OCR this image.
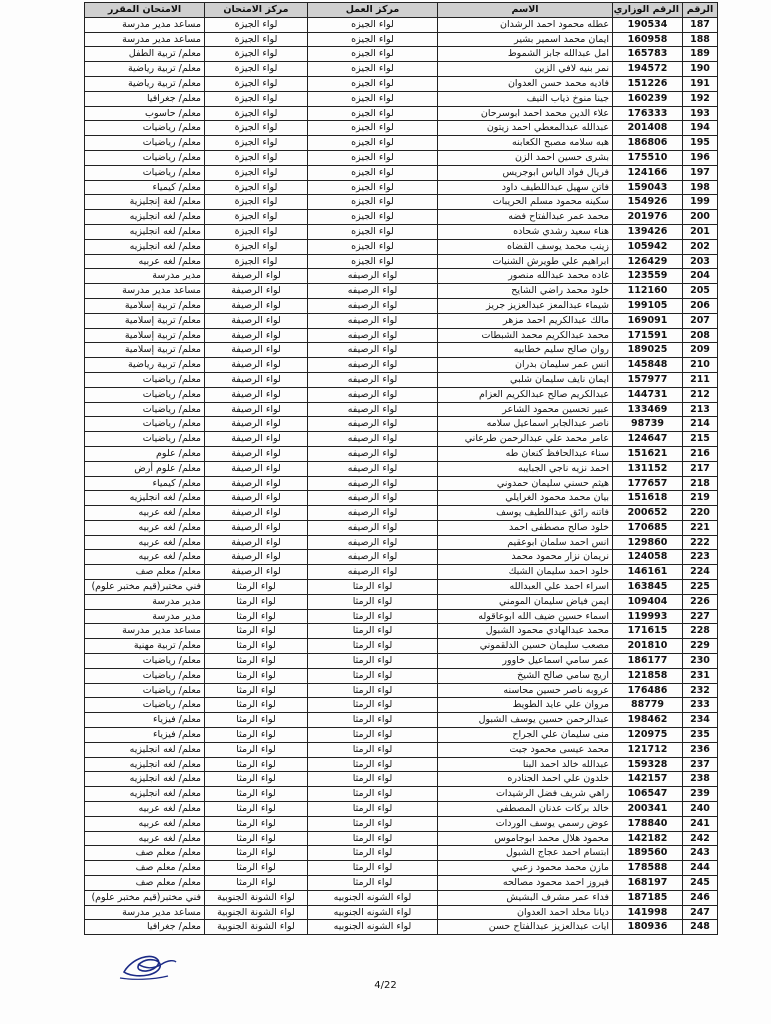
الرقم	الرقم الوزاري	الاسم	مركز العمل	مركز الامتحان	الامتحان المقرر
187	190534	عطله محمود احمد الرشدان	لواء الجيزه	لواء الجيزة	مساعد مدير مدرسة
188	160958	ايمان محمد اسمير بشير	لواء الجيزه	لواء الجيزة	مساعد مدير مدرسة
189	165783	امل عبدالله جابز الشموط	لواء الجيزه	لواء الجيزة	معلم/ تربية الطفل
190	194572	نمر بنيه لافي الزين	لواء الجيزه	لواء الجيزة	معلم/ تربية رياضية
191	151226	فاديه محمد حسن العدوان	لواء الجيزه	لواء الجيزة	معلم/ تربية رياضية
192	160239	جينا منوخ ذياب النيف	لواء الجيزه	لواء الجيزة	معلم/ جغرافيا
193	176333	علاء الدين محمد احمد ابوسرحان	لواء الجيزه	لواء الجيزة	معلم/ حاسوب
194	201408	عبدالله عبدالمعطي احمد زيتون	لواء الجيزه	لواء الجيزة	معلم/ رياضيات
195	186806	هبه سلامه مصبح الكعابنه	لواء الجيزه	لواء الجيزة	معلم/ رياضيات
196	175510	بشرى حسين احمد الزن	لواء الجيزه	لواء الجيزة	معلم/ رياضيات
197	124166	فريال فواد الياس ابوجريس	لواء الجيزه	لواء الجيزة	معلم/ رياضيات
198	159043	فاتن سهيل عبداللطيف داود	لواء الجيزه	لواء الجيزة	معلم/ كيمياء
199	154926	سكينه محمود مسلم الحريبات	لواء الجيزه	لواء الجيزة	معلم/ لغة إنجليزية
200	201976	محمد عمر عبدالفتاح فضه	لواء الجيزه	لواء الجيزة	معلم/ لغه انجليزيه
201	139426	هناء سعيد رشدي شحاده	لواء الجيزه	لواء الجيزة	معلم/ لغه انجليزيه
202	105942	زينب محمد يوسف القضاه	لواء الجيزه	لواء الجيزة	معلم/ لغه انجليزيه
203	126429	ابراهيم علي طويرش الشنيات	لواء الجيزه	لواء الجيزة	معلم/ لغه عربيه
204	123559	غاده محمد عبدالله منصور	لواء الرصيفه	لواء الرصيفة	مدير مدرسة
205	112160	خلود محمد راضي الشايح	لواء الرصيفه	لواء الرصيفة	مساعد مدير مدرسة
206	199105	شيماء عبدالمعز عبدالعزيز جريز	لواء الرصيفه	لواء الرصيفة	معلم/ تربية إسلامية
207	169091	مالك عبدالكريم احمد مزهر	لواء الرصيفه	لواء الرصيفة	معلم/ تربية إسلامية
208	171591	محمد عبدالكريم محمد الشبطات	لواء الرصيفه	لواء الرصيفة	معلم/ تربية إسلامية
209	189025	روان صالح سليم خطابيه	لواء الرصيفه	لواء الرصيفة	معلم/ تربية إسلامية
210	145848	انس عمر سليمان بدران	لواء الرصيفه	لواء الرصيفة	معلم/ تربية رياضية
211	157977	ايمان نايف سليمان شلبي	لواء الرصيفه	لواء الرصيفة	معلم/ رياضيات
212	144731	عبدالكريم صالح عبدالكريم العزام	لواء الرصيفه	لواء الرصيفة	معلم/ رياضيات
213	133469	عبير تحسين محمود الشاعر	لواء الرصيفه	لواء الرصيفة	معلم/ رياضيات
214	98739	ناصر عبدالجابر اسماعيل سلامه	لواء الرصيفه	لواء الرصيفة	معلم/ رياضيات
215	124647	عامر محمد علي عبدالرحمن طرعاني	لواء الرصيفه	لواء الرصيفة	معلم/ رياضيات
216	151621	سناء عبدالحافظ كنعان طه	لواء الرصيفه	لواء الرصيفة	معلم/ علوم
217	131152	احمد نزيه ناجي الجبايبه	لواء الرصيفه	لواء الرصيفة	معلم/ علوم أرض
218	177657	هيثم حسني سليمان حمدوني	لواء الرصيفه	لواء الرصيفة	معلم/ كيمياء
219	151618	بيان محمد محمود الغرايلي	لواء الرصيفه	لواء الرصيفة	معلم/ لغه انجليزيه
220	200652	فاتنه رائق عبداللطيف يوسف	لواء الرصيفه	لواء الرصيفة	معلم/ لغه عربيه
221	170685	خلود صالح مصطفى احمد	لواء الرصيفه	لواء الرصيفة	معلم/ لغه عربيه
222	129860	انس احمد سلمان ابوعقيم	لواء الرصيفه	لواء الرصيفة	معلم/ لغه عربيه
223	124058	نريمان نزار محمود محمد	لواء الرصيفه	لواء الرصيفة	معلم/ لغه عربيه
224	146161	خلود احمد سليمان الشبك	لواء الرصيفه	لواء الرصيفة	معلم/ معلم صف
225	163845	اسراء احمد علي العبدالله	لواء الرمثا	لواء الرمثا	فني مختبر(قيم مختبر علوم)
226	109404	ايمن فياض سليمان المومني	لواء الرمثا	لواء الرمثا	مدير مدرسة
227	119993	اسماء حسين ضيف الله ابوعاقوله	لواء الرمثا	لواء الرمثا	مدير مدرسة
228	171615	محمد عبدالهادي محمود الشبول	لواء الرمثا	لواء الرمثا	مساعد مدير مدرسة
229	201810	مصعب سليمان حسين الدلقموني	لواء الرمثا	لواء الرمثا	معلم/ تربية مهنية
230	186177	عمر سامي اسماعيل خاوور	لواء الرمثا	لواء الرمثا	معلم/ رياضيات
231	121858	اريج سامي صالح الشيخ	لواء الرمثا	لواء الرمثا	معلم/ رياضيات
232	176486	عروبه ناصر حسين محاسنه	لواء الرمثا	لواء الرمثا	معلم/ رياضيات
233	88779	مروان علي عايد الطويط	لواء الرمثا	لواء الرمثا	معلم/ رياضيات
234	198462	عبدالرحمن حسين يوسف الشبول	لواء الرمثا	لواء الرمثا	معلم/ فيزياء
235	120975	منى سليمان علي الجراح	لواء الرمثا	لواء الرمثا	معلم/ فيزياء
236	121712	محمد عيسى محمود جيت	لواء الرمثا	لواء الرمثا	معلم/ لغه انجليزيه
237	159328	عبدالله خالد احمد البنا	لواء الرمثا	لواء الرمثا	معلم/ لغه انجليزيه
238	142157	خلدون علي احمد الجنادره	لواء الرمثا	لواء الرمثا	معلم/ لغه انجليزيه
239	106547	راهي شريف فضل الرشيدات	لواء الرمثا	لواء الرمثا	معلم/ لغه انجليزيه
240	200341	خالد بركات عدنان المصطفى	لواء الرمثا	لواء الرمثا	معلم/ لغه عربيه
241	178840	عوض رسمي يوسف الوردات	لواء الرمثا	لواء الرمثا	معلم/ لغه عربيه
242	142182	محمود هلال محمد ابوجاموس	لواء الرمثا	لواء الرمثا	معلم/ لغه عربيه
243	189560	ابتسام احمد عجاج الشبول	لواء الرمثا	لواء الرمثا	معلم/ معلم صف
244	178588	مازن محمد محمود زعبي	لواء الرمثا	لواء الرمثا	معلم/ معلم صف
245	168197	فيروز احمد محمود مصالحه	لواء الرمثا	لواء الرمثا	معلم/ معلم صف
246	187185	فداء عمر مشرف البشيش	لواء الشونه الجنوبيه	لواء الشونة الجنوبية	فني مختبر(قيم مختبر علوم)
247	141998	ديانا مخلد احمد العدوان	لواء الشونه الجنوبيه	لواء الشونة الجنوبية	مساعد مدير مدرسة
248	180936	ايات عبدالعزيز عبدالفتاح حسن	لواء الشونه الجنوبيه	لواء الشونة الجنوبية	معلم/ جغرافيا
4/22
